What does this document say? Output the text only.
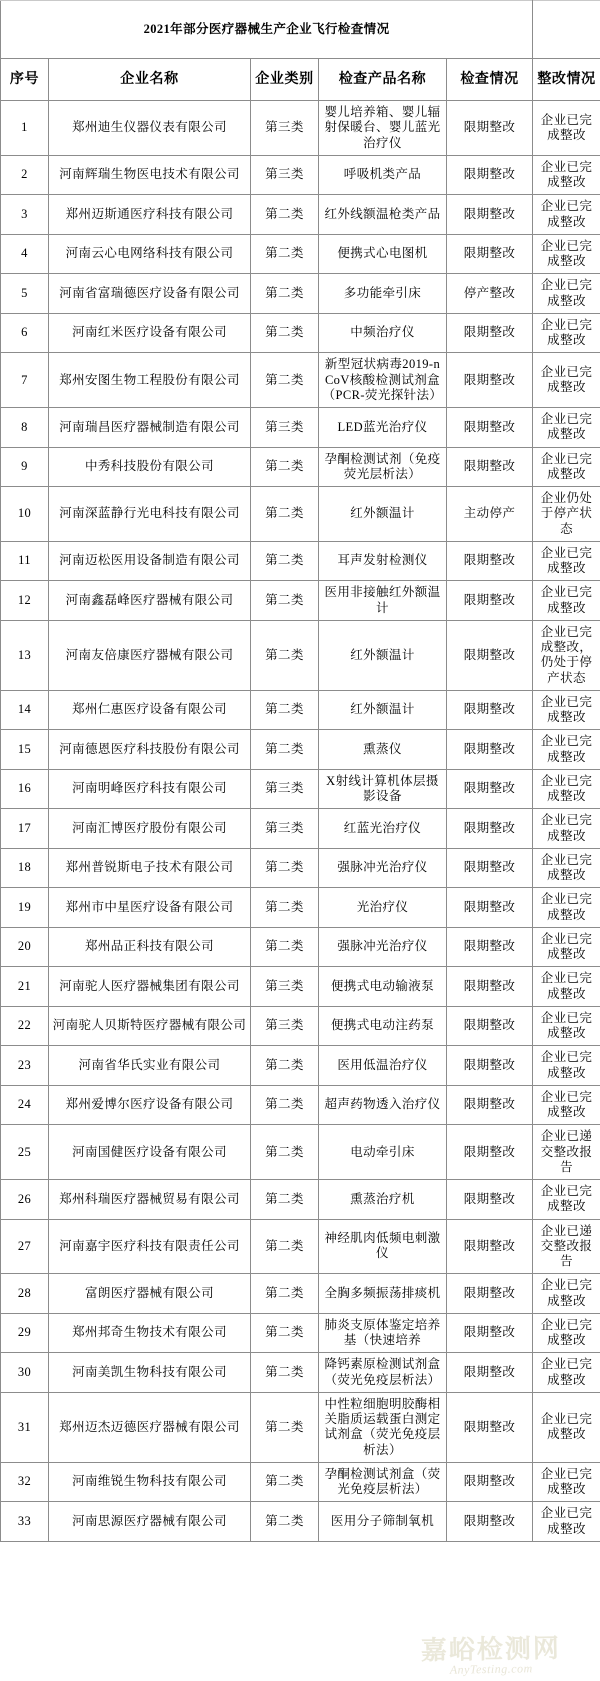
2021年部分医疗器械生产企业飞行检查情况					
序号	企业名称	企业类别	检查产品名称	检查情况	整改情况
1	郑州迪生仪器仪表有限公司	第三类	婴儿培养箱、婴儿辐射保暖台、婴儿蓝光治疗仪	限期整改	企业已完成整改
2	河南辉瑞生物医电技术有限公司	第三类	呼吸机类产品	限期整改	企业已完成整改
3	郑州迈斯通医疗科技有限公司	第二类	红外线额温枪类产品	限期整改	企业已完成整改
4	河南云心电网络科技有限公司	第二类	便携式心电图机	限期整改	企业已完成整改
5	河南省富瑞德医疗设备有限公司	第二类	多功能牵引床	停产整改	企业已完成整改
6	河南红米医疗设备有限公司	第二类	中频治疗仪	限期整改	企业已完成整改
7	郑州安图生物工程股份有限公司	第二类	新型冠状病毒2019-nCoV核酸检测试剂盒（PCR-荧光探针法）	限期整改	企业已完成整改
8	河南瑞昌医疗器械制造有限公司	第三类	LED蓝光治疗仪	限期整改	企业已完成整改
9	中秀科技股份有限公司	第二类	孕酮检测试剂（免疫荧光层析法）	限期整改	企业已完成整改
10	河南深蓝静行光电科技有限公司	第二类	红外额温计	主动停产	企业仍处于停产状态
11	河南迈松医用设备制造有限公司	第二类	耳声发射检测仪	限期整改	企业已完成整改
12	河南鑫磊峰医疗器械有限公司	第二类	医用非接触红外额温计	限期整改	企业已完成整改
13	河南友倍康医疗器械有限公司	第二类	红外额温计	限期整改	企业已完成整改，仍处于停产状态
14	郑州仁惠医疗设备有限公司	第二类	红外额温计	限期整改	企业已完成整改
15	河南德恩医疗科技股份有限公司	第二类	熏蒸仪	限期整改	企业已完成整改
16	河南明峰医疗科技有限公司	第三类	X射线计算机体层摄影设备	限期整改	企业已完成整改
17	河南汇博医疗股份有限公司	第三类	红蓝光治疗仪	限期整改	企业已完成整改
18	郑州普锐斯电子技术有限公司	第二类	强脉冲光治疗仪	限期整改	企业已完成整改
19	郑州市中星医疗设备有限公司	第二类	光治疗仪	限期整改	企业已完成整改
20	郑州品正科技有限公司	第二类	强脉冲光治疗仪	限期整改	企业已完成整改
21	河南驼人医疗器械集团有限公司	第三类	便携式电动输液泵	限期整改	企业已完成整改
22	河南驼人贝斯特医疗器械有限公司	第三类	便携式电动注药泵	限期整改	企业已完成整改
23	河南省华氏实业有限公司	第二类	医用低温治疗仪	限期整改	企业已完成整改
24	郑州爱博尔医疗设备有限公司	第二类	超声药物透入治疗仪	限期整改	企业已完成整改
25	河南国健医疗设备有限公司	第二类	电动牵引床	限期整改	企业已递交整改报告
26	郑州科瑞医疗器械贸易有限公司	第二类	熏蒸治疗机	限期整改	企业已完成整改
27	河南嘉宇医疗科技有限责任公司	第二类	神经肌肉低频电刺激仪	限期整改	企业已递交整改报告
28	富朗医疗器械有限公司	第二类	全胸多频振荡排痰机	限期整改	企业已完成整改
29	郑州邦奇生物技术有限公司	第二类	肺炎支原体鉴定培养基（快速培养	限期整改	企业已完成整改
30	河南美凯生物科技有限公司	第二类	降钙素原检测试剂盒（荧光免疫层析法）	限期整改	企业已完成整改
31	郑州迈杰迈德医疗器械有限公司	第二类	中性粒细胞明胶酶相关脂质运载蛋白测定试剂盒（荧光免疫层析法）	限期整改	企业已完成整改
32	河南维锐生物科技有限公司	第二类	孕酮检测试剂盒（荧光免疫层析法）	限期整改	企业已完成整改
33	河南思源医疗器械有限公司	第二类	医用分子筛制氧机	限期整改	企业已完成整改
嘉峪检测网
AnyTesting.com
